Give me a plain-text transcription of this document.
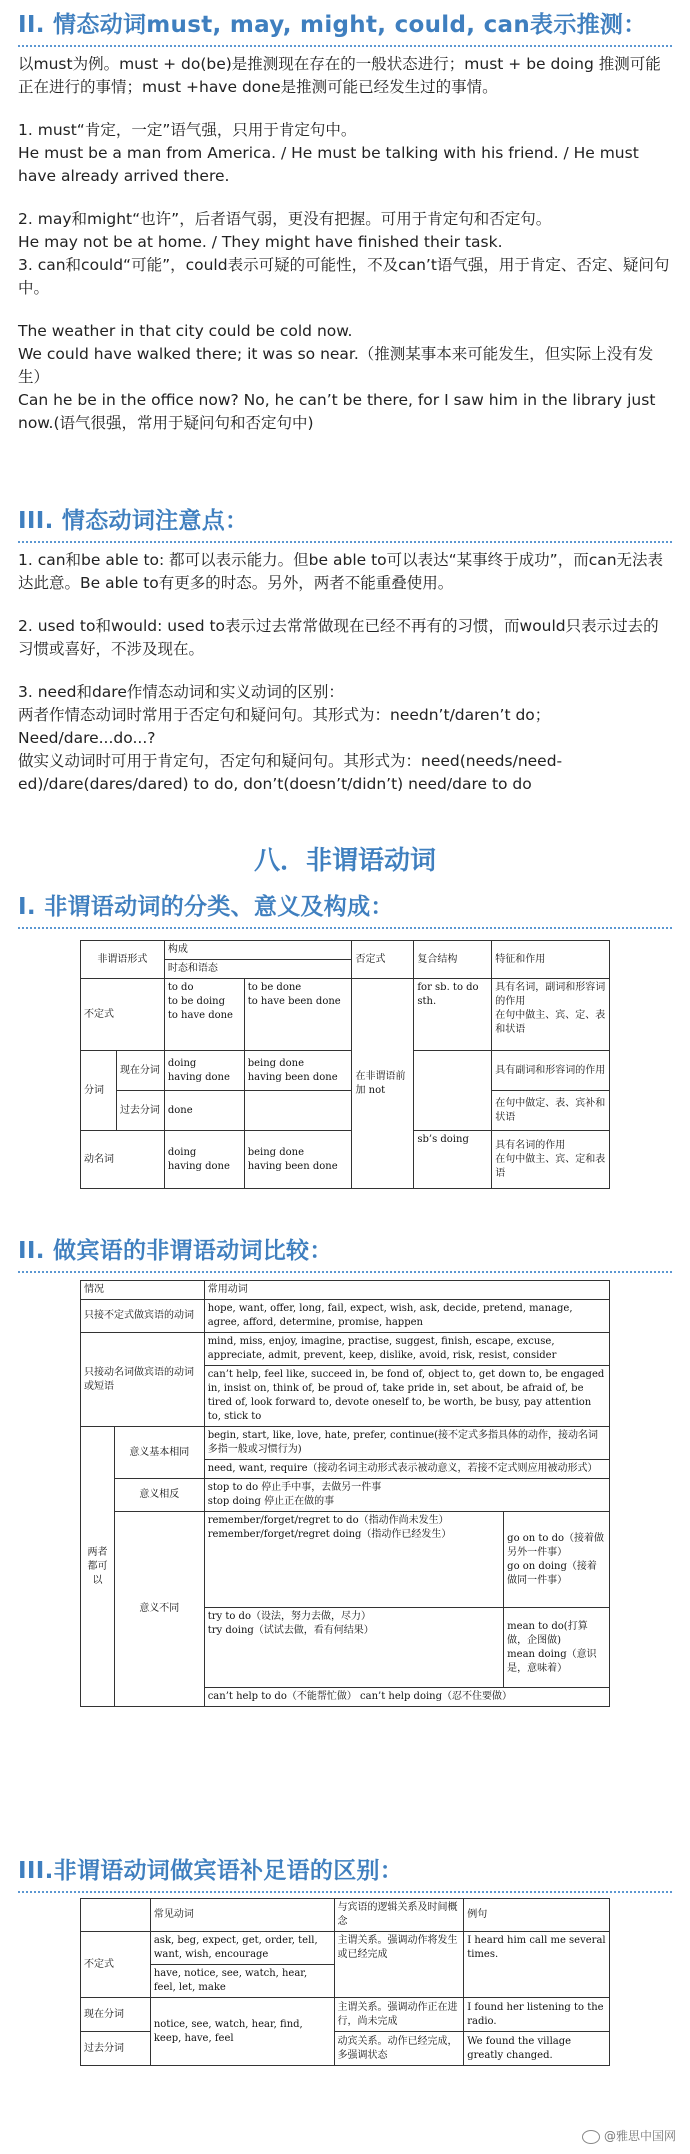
II. 情态动词must, may, might, could, can表示推测：

以must为例。must + do(be)是推测现在存在的一般状态进行；must + be doing 推测可能正在进行的事情；must +have done是推测可能已经发生过的事情。

1. must“肯定，一定”语气强，只用于肯定句中。

He must be a man from America. / He must be talking with his friend. / He must have already arrived there.

2. may和might“也许”，后者语气弱，更没有把握。可用于肯定句和否定句。

He may not be at home. / They might have finished their task.

3. can和could“可能”，could表示可疑的可能性，不及can’t语气强，用于肯定、否定、疑问句中。

The weather in that city could be cold now.

We could have walked there; it was so near.（推测某事本来可能发生，但实际上没有发生）

Can he be in the office now? No, he can’t be there, for I saw him in the library just now.(语气很强，常用于疑问句和否定句中)

III. 情态动词注意点：

1. can和be able to: 都可以表示能力。但be able to可以表达“某事终于成功”，而can无法表达此意。Be able to有更多的时态。另外，两者不能重叠使用。

2. used to和would: used to表示过去常常做现在已经不再有的习惯，而would只表示过去的习惯或喜好，不涉及现在。

3. need和dare作情态动词和实义动词的区别：

两者作情态动词时常用于否定句和疑问句。其形式为：needn’t/daren’t do；Need/dare...do...?

做实义动词时可用于肯定句，否定句和疑问句。其形式为：need(needs/need-ed)/dare(dares/dared) to do, don’t(doesn’t/didn’t) need/dare to do

八．非谓语动词
I. 非谓语动词的分类、意义及构成：
非谓语形式		构成		否定式	复合结构	特征和作用
		时态和语态				
不定式		to do
to be doing
to have done	to be done
to have been done	在非谓语前加 not	for sb. to do sth.	具有名词，副词和形容词的作用
在句中做主、宾、定、表和状语
分词	现在分词	doing
having done	being done
having been done			具有副词和形容词的作用
	过去分词	done				在句中做定、表、宾补和状语
动名词		doing
having done	being done
having been done		sb’s doing	具有名词的作用
在句中做主、宾、定和表语
II. 做宾语的非谓语动词比较：
情况		常用动词	
只接不定式做宾语的动词		hope, want, offer, long, fail, expect, wish, ask, decide, pretend, manage, agree, afford, determine, promise, happen	
只接动名词做宾语的动词或短语		mind, miss, enjoy, imagine, practise, suggest, finish, escape, excuse, appreciate, admit, prevent, keep, dislike, avoid, risk, resist, consider	
		can’t help, feel like, succeed in, be fond of, object to, get down to, be engaged in, insist on, think of, be proud of, take pride in, set about, be afraid of, be tired of, look forward to, devote oneself to, be worth, be busy, pay attention to, stick to	
两者都可以	意义基本相同	begin, start, like, love, hate, prefer, continue(接不定式多指具体的动作，接动名词多指一般或习惯行为)	
		need, want, require（接动名词主动形式表示被动意义，若接不定式则应用被动形式）	
	意义相反	stop to do 停止手中事，去做另一件事
stop doing 停止正在做的事	
	意义不同	remember/forget/regret to do（指动作尚未发生）
remember/forget/regret doing（指动作已经发生）	go on to do（接着做另外一件事）
go on doing（接着做同一件事）
		try to do（设法，努力去做，尽力）
try doing（试试去做，看有何结果）	mean to do(打算做，企图做)
mean doing（意识是，意味着）
		can’t help to do（不能帮忙做） can’t help doing（忍不住要做）	
III.非谓语动词做宾语补足语的区别：
	常见动词	与宾语的逻辑关系及时间概念	例句
不定式	ask, beg, expect, get, order, tell, want, wish, encourage	主谓关系。强调动作将发生或已经完成	I heard him call me several times.
	have, notice, see, watch, hear, feel, let, make		
现在分词	notice, see, watch, hear, find, keep, have, feel	主谓关系。强调动作正在进行，尚未完成	I found her listening to the radio.
过去分词		动宾关系。动作已经完成，多强调状态	We found the village greatly changed.
@雅思中国网
